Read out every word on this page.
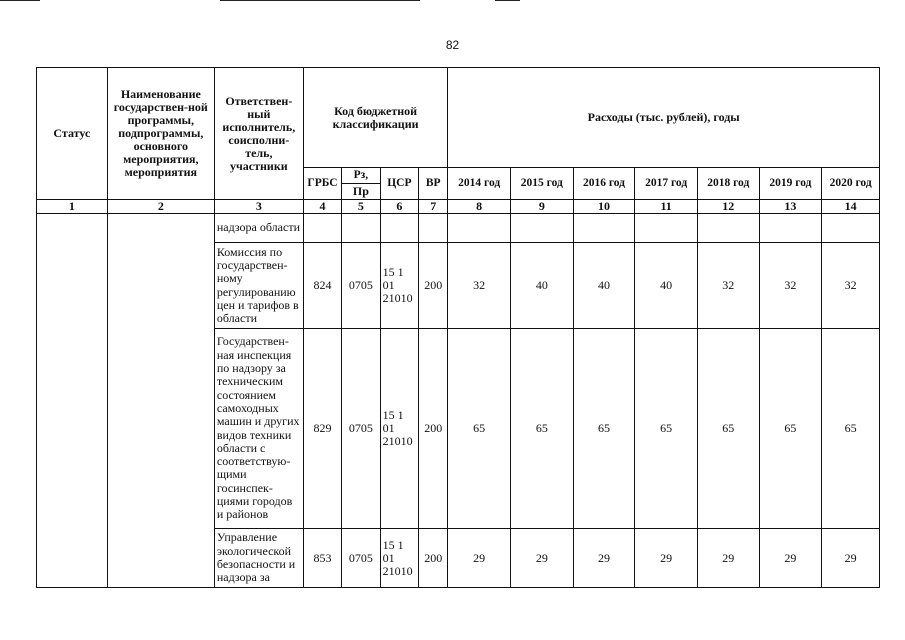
82
Статус	Наименование государствен-ной программы, подпрограммы, основного мероприятия, мероприятия	Ответствен-ный исполнитель, соисполни-тель, участники	Код бюджетной классификации				Расходы (тыс. рублей), годы						
			ГРБС	Рз,	ЦСР	ВР	2014 год	2015 год	2016 год	2017 год	2018 год	2019 год	2020 год
				Пр									
1	2	3	4	5	6	7	8	9	10	11	12	13	14
		надзора области											
		Комиссия по государствен-ному регулированию цен и тарифов в области	824	0705	15 1 01 21010	200	32	40	40	40	32	32	32
		Государствен-ная инспекция по надзору за техническим состоянием самоходных машин и других видов техники области с соответствую-щими госинспек-циями городов и районов	829	0705	15 1 01 21010	200	65	65	65	65	65	65	65
		Управление экологической безопасности и надзора за	853	0705	15 1 01 21010	200	29	29	29	29	29	29	29
